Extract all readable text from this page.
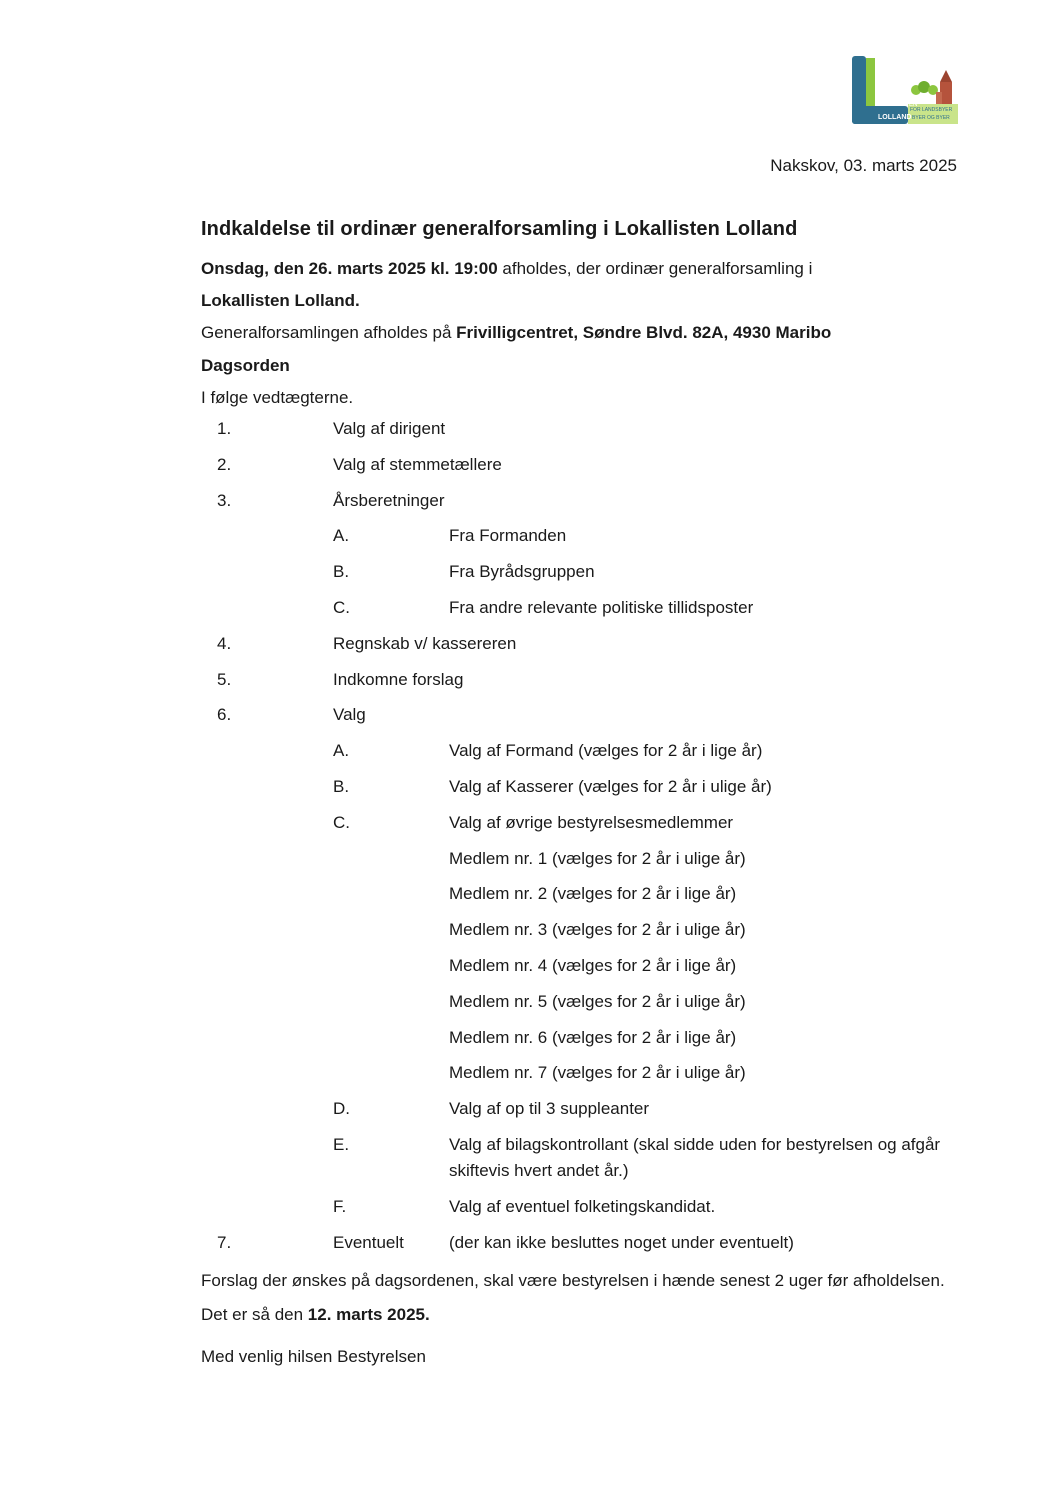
LOKALLISTEN
LOLLAND
FOR LANDSBYER
BYER OG BYER
Nakskov, 03. marts 2025
Indkaldelse til ordinær generalforsamling i Lokallisten Lolland

Onsdag, den 26. marts 2025 kl. 19:00 afholdes, der ordinær generalforsamling i

Lokallisten Lolland.

Generalforsamlingen afholdes på Frivilligcentret, Søndre Blvd. 82A, 4930 Maribo

Dagsorden

I følge vedtægterne.

1.	Valg af dirigent
2.	Valg af stemmetællere
3.	Årsberetninger
A.	Fra Formanden
B.	Fra Byrådsgruppen
C.	Fra andre relevante politiske tillidsposter
4.	Regnskab v/ kassereren
5.	Indkomne forslag
6.	Valg
A.	Valg af Formand (vælges for 2 år i lige år)
B.	Valg af Kasserer (vælges for 2 år i ulige år)
C.	Valg af øvrige bestyrelsesmedlemmer
Medlem nr. 1 (vælges for 2 år i ulige år)
Medlem nr. 2 (vælges for 2 år i lige år)
Medlem nr. 3 (vælges for 2 år i ulige år)
Medlem nr. 4 (vælges for 2 år i lige år)
Medlem nr. 5 (vælges for 2 år i ulige år)
Medlem nr. 6 (vælges for 2 år i lige år)
Medlem nr. 7 (vælges for 2 år i ulige år)
D.	Valg af op til 3 suppleanter
E.	Valg af bilagskontrollant (skal sidde uden for bestyrelsen og afgår skiftevis hvert andet år.)
F.	Valg af eventuel folketingskandidat.
7.	Eventuelt	(der kan ikke besluttes noget under eventuelt)

Forslag der ønskes på dagsordenen, skal være bestyrelsen i hænde senest 2 uger før afholdelsen. Det er så den 12. marts 2025.

Med venlig hilsen Bestyrelsen
